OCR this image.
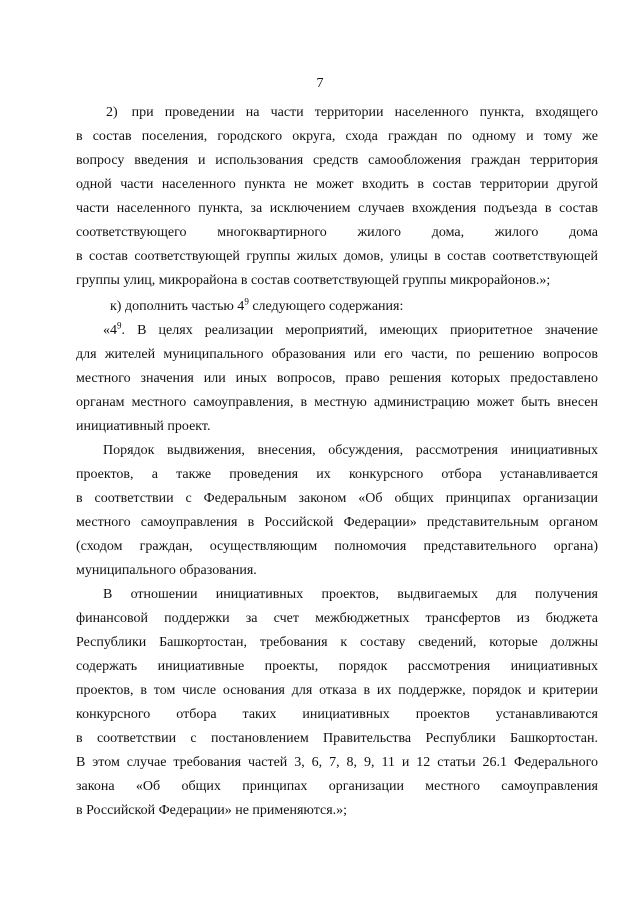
7
2) при проведении на части территории населенного пункта, входящего
в состав поселения, городского округа, схода граждан по одному и тому же
вопросу введения и использования средств самообложения граждан территория
одной части населенного пункта не может входить в состав территории другой
части населенного пункта, за исключением случаев вхождения подъезда в состав
соответствующего многоквартирного жилого дома, жилого дома
в состав соответствующей группы жилых домов, улицы в состав соответствующей
группы улиц, микрорайона в состав соответствующей группы микрорайонов.»;
к) дополнить частью $4^9$ следующего содержания:
«$4^9$. В целях реализации мероприятий, имеющих приоритетное значение
для жителей муниципального образования или его части, по решению вопросов
местного значения или иных вопросов, право решения которых предоставлено
органам местного самоуправления, в местную администрацию может быть внесен
инициативный проект.
Порядок выдвижения, внесения, обсуждения, рассмотрения инициативных
проектов, а также проведения их конкурсного отбора устанавливается
в соответствии с Федеральным законом «Об общих принципах организации
местного самоуправления в Российской Федерации» представительным органом
(сходом граждан, осуществляющим полномочия представительного органа)
муниципального образования.
В отношении инициативных проектов, выдвигаемых для получения
финансовой поддержки за счет межбюджетных трансфертов из бюджета
Республики Башкортостан, требования к составу сведений, которые должны
содержать инициативные проекты, порядок рассмотрения инициативных
проектов, в том числе основания для отказа в их поддержке, порядок и критерии
конкурсного отбора таких инициативных проектов устанавливаются
в соответствии с постановлением Правительства Республики Башкортостан.
В этом случае требования частей 3, 6, 7, 8, 9, 11 и 12 статьи 26.1 Федерального
закона «Об общих принципах организации местного самоуправления
в Российской Федерации» не применяются.»;
